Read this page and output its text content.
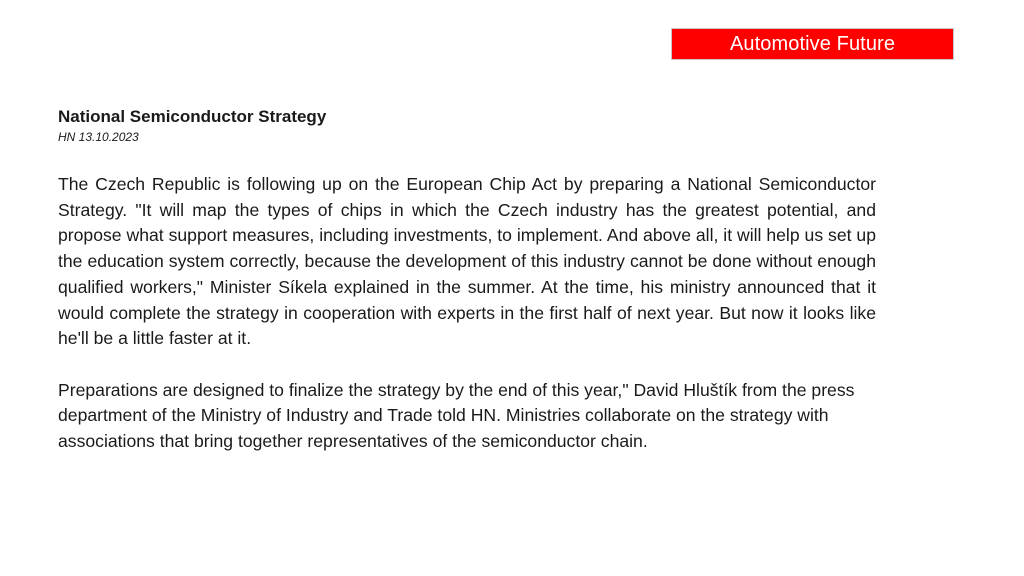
Automotive Future
National Semiconductor Strategy

HN 13.10.2023

The Czech Republic is following up on the European Chip Act by preparing a National Semiconductor Strategy. "It will map the types of chips in which the Czech industry has the greatest potential, and propose what support measures, including investments, to implement. And above all, it will help us set up the education system correctly, because the development of this industry cannot be done without enough qualified workers," Minister Síkela explained in the summer. At the time, his ministry announced that it would complete the strategy in cooperation with experts in the first half of next year. But now it looks like he'll be a little faster at it.

Preparations are designed to finalize the strategy by the end of this year," David Hluštík from the press department of the Ministry of Industry and Trade told HN. Ministries collaborate on the strategy with associations that bring together representatives of the semiconductor chain.
